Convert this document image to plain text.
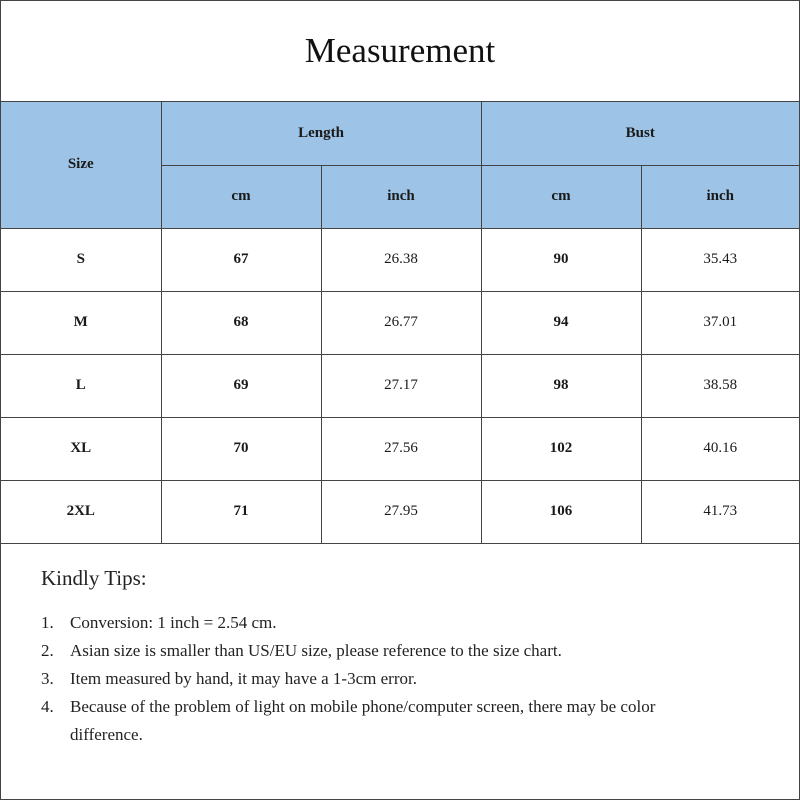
Measurement
Size	Length		Bust	
	cm	inch	cm	inch
S	67	26.38	90	35.43
M	68	26.77	94	37.01
L	69	27.17	98	38.58
XL	70	27.56	102	40.16
2XL	71	27.95	106	41.73
Kindly Tips:
1. Conversion: 1 inch = 2.54 cm.
2. Asian size is smaller than US/EU size, please reference to the size chart.
3. Item measured by hand, it may have a 1-3cm error.
4. Because of the problem of light on mobile phone/computer screen, there may be color difference.
